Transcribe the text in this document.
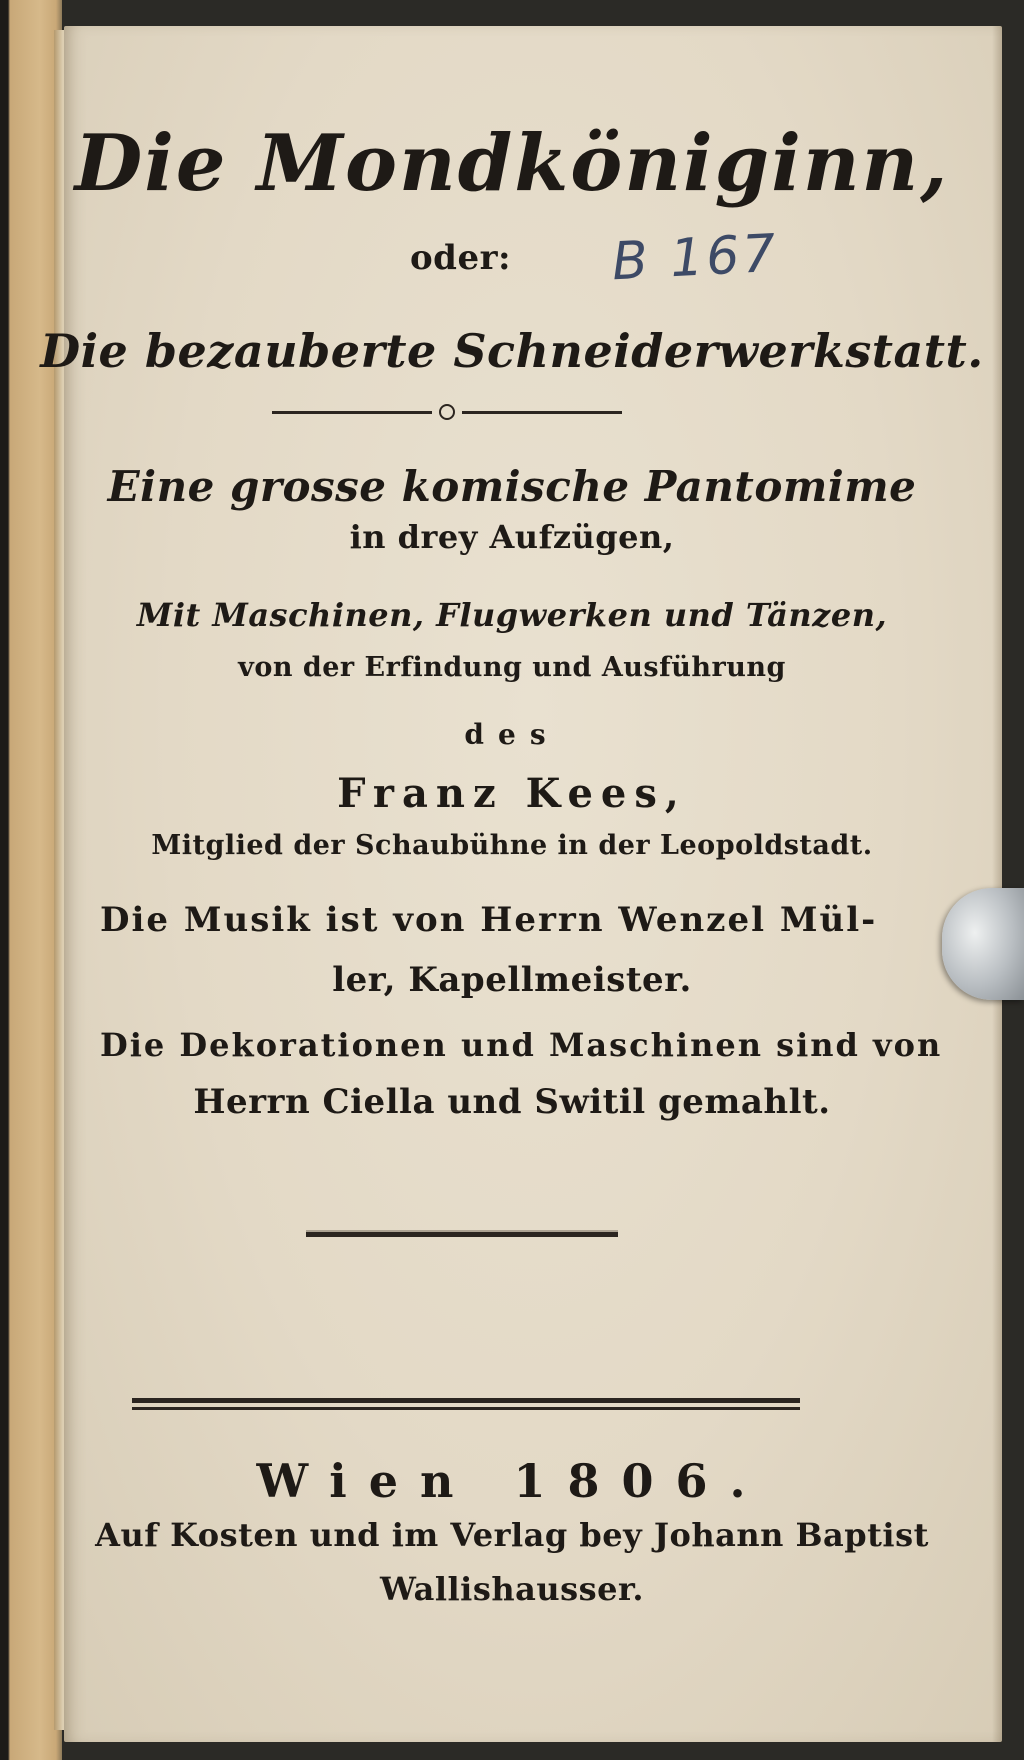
Die Mondköniginn,
oder: B 167
Die bezauberte Schneiderwerkstatt.
Eine grosse komische Pantomime
in drey Aufzügen,
Mit Maschinen, Flugwerken und Tänzen,
von der Erfindung und Ausführung
des
Franz Kees,
Mitglied der Schaubühne in der Leopoldstadt.
Die Musik ist von Herrn Wenzel Mül-
ler, Kapellmeister.
Die Dekorationen und Maschinen sind von
Herrn Ciella und Switil gemahlt.
Wien 1806.
Auf Kosten und im Verlag bey Johann Baptist
Wallishausser.
